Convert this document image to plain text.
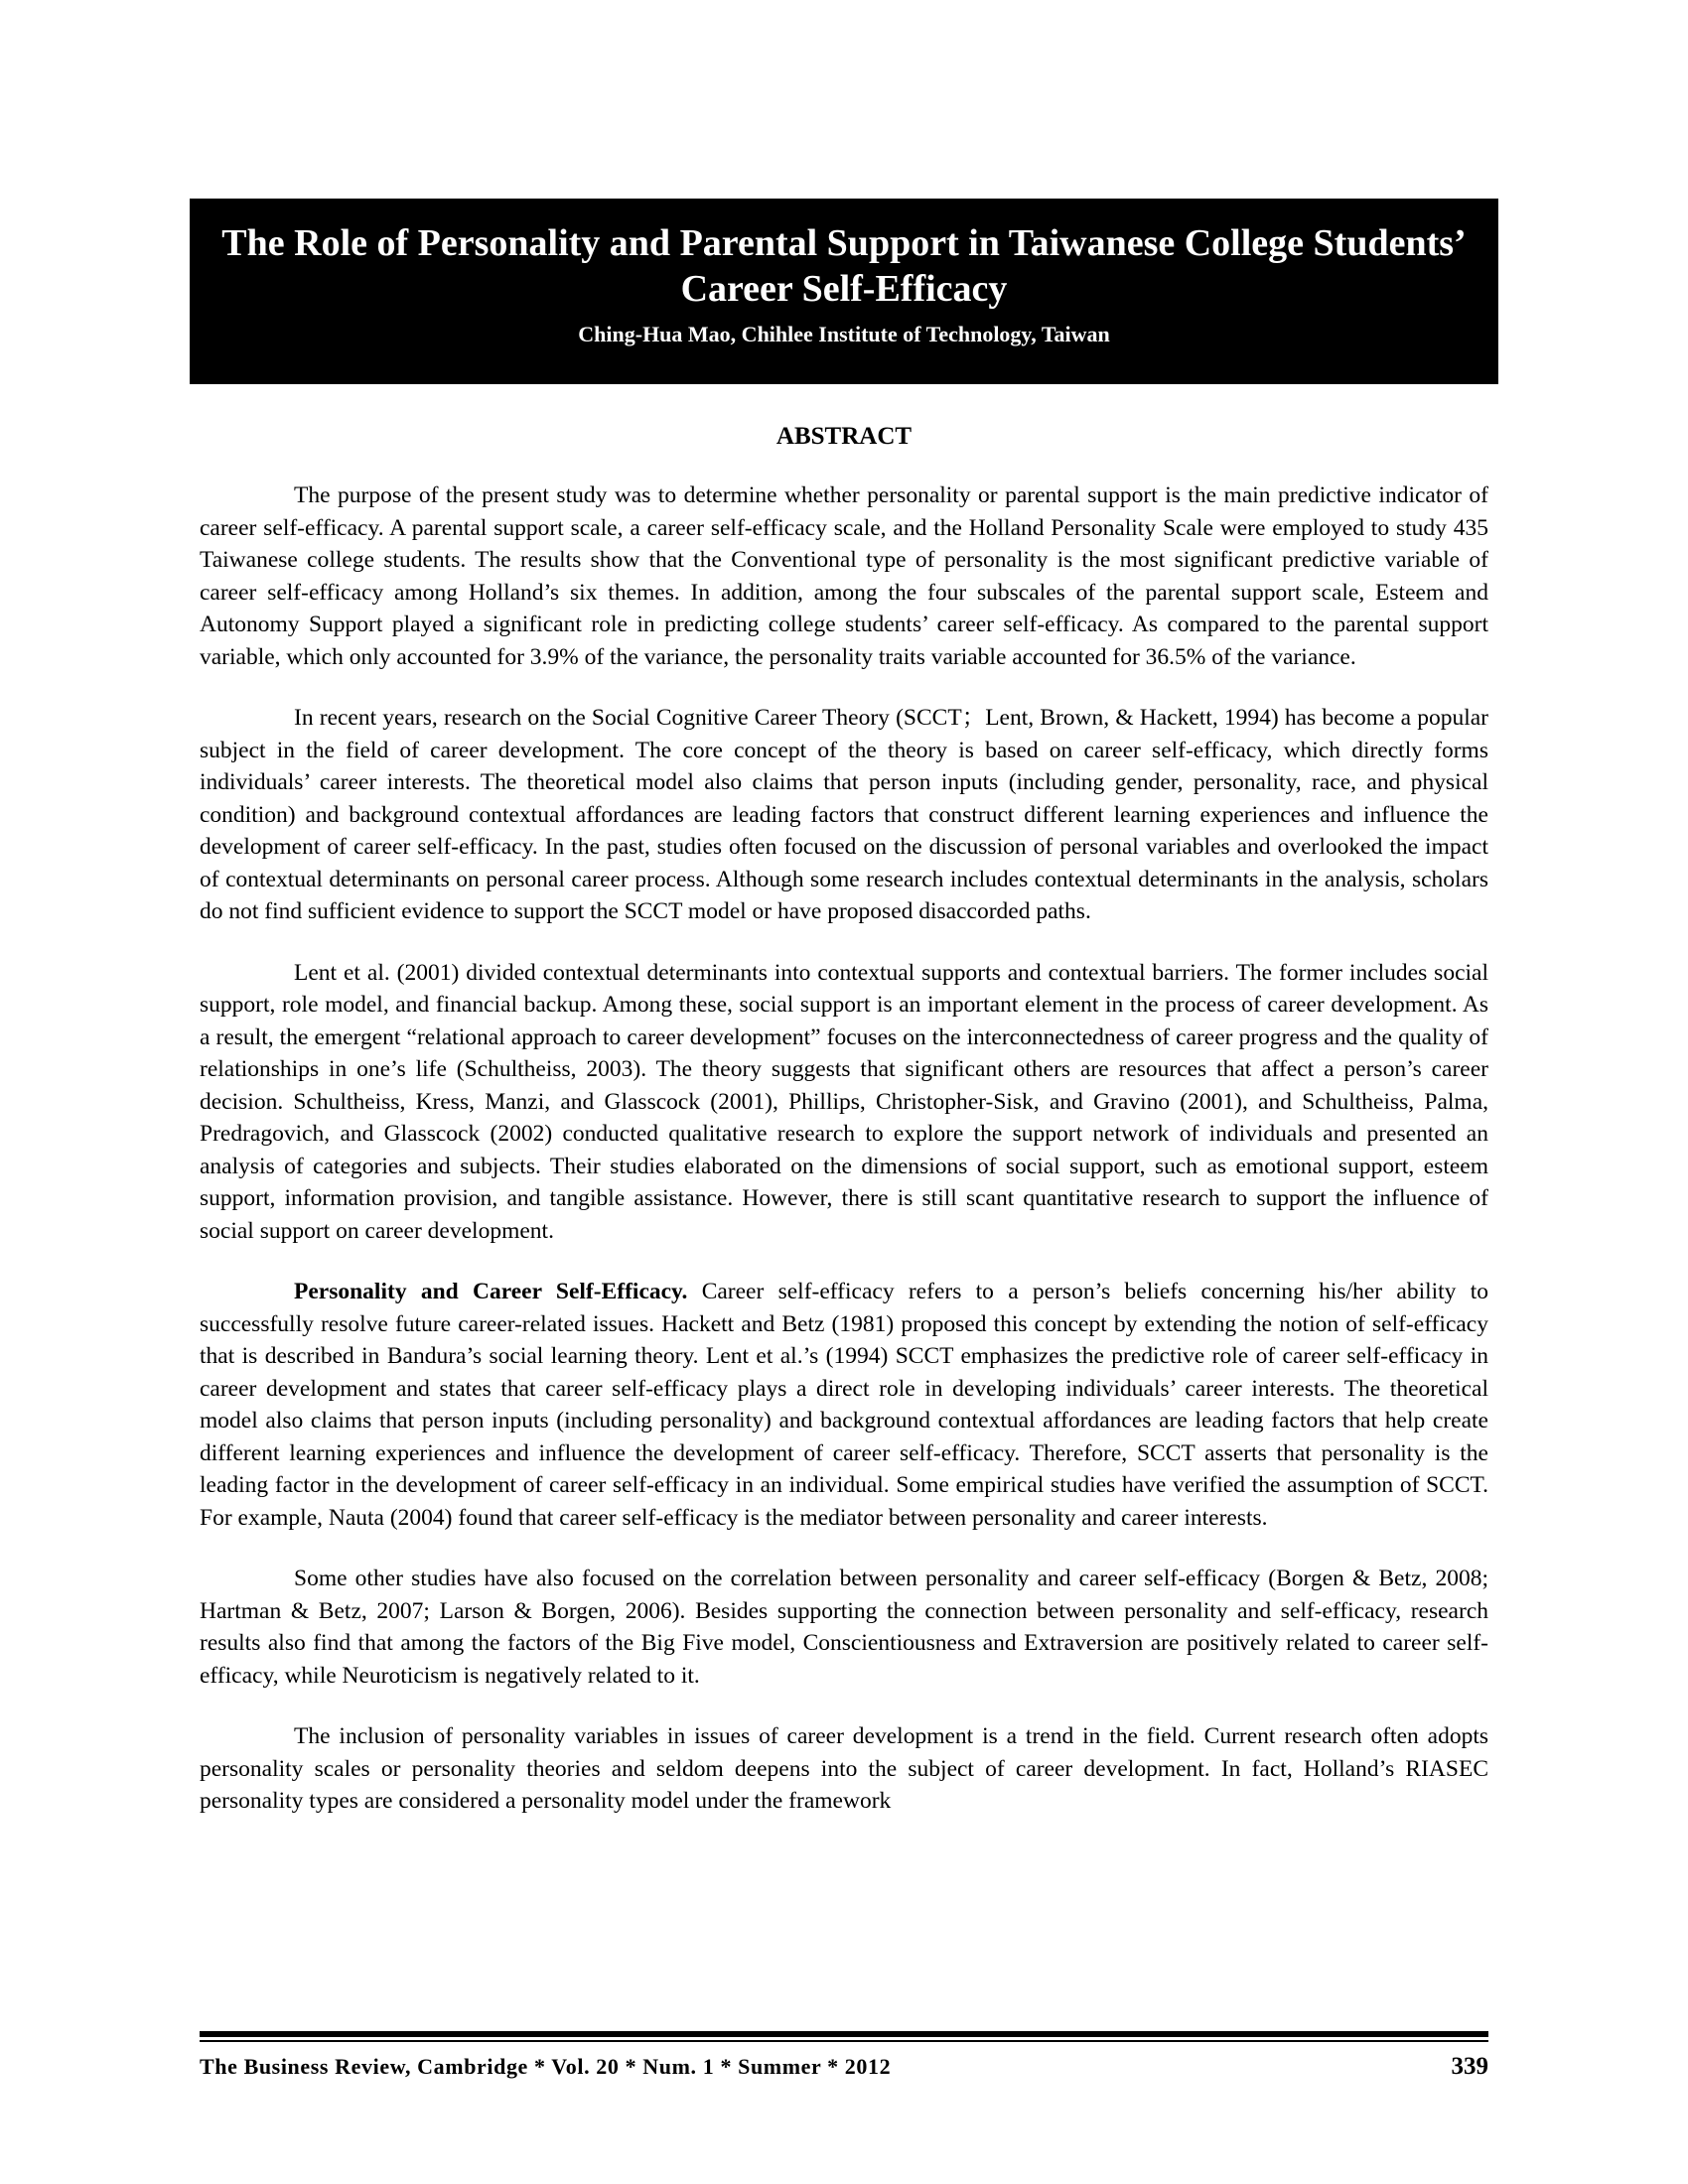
The Role of Personality and Parental Support in Taiwanese College Students’ Career Self-Efficacy
Ching-Hua Mao, Chihlee Institute of Technology, Taiwan
ABSTRACT

The purpose of the present study was to determine whether personality or parental support is the main predictive indicator of career self-efficacy. A parental support scale, a career self-efficacy scale, and the Holland Personality Scale were employed to study 435 Taiwanese college students. The results show that the Conventional type of personality is the most significant predictive variable of career self-efficacy among Holland’s six themes. In addition, among the four subscales of the parental support scale, Esteem and Autonomy Support played a significant role in predicting college students’ career self-efficacy. As compared to the parental support variable, which only accounted for 3.9% of the variance, the personality traits variable accounted for 36.5% of the variance.

In recent years, research on the Social Cognitive Career Theory (SCCT；Lent, Brown, & Hackett, 1994) has become a popular subject in the field of career development. The core concept of the theory is based on career self-efficacy, which directly forms individuals’ career interests. The theoretical model also claims that person inputs (including gender, personality, race, and physical condition) and background contextual affordances are leading factors that construct different learning experiences and influence the development of career self-efficacy. In the past, studies often focused on the discussion of personal variables and overlooked the impact of contextual determinants on personal career process. Although some research includes contextual determinants in the analysis, scholars do not find sufficient evidence to support the SCCT model or have proposed disaccorded paths.

Lent et al. (2001) divided contextual determinants into contextual supports and contextual barriers. The former includes social support, role model, and financial backup. Among these, social support is an important element in the process of career development. As a result, the emergent “relational approach to career development” focuses on the interconnectedness of career progress and the quality of relationships in one’s life (Schultheiss, 2003). The theory suggests that significant others are resources that affect a person’s career decision. Schultheiss, Kress, Manzi, and Glasscock (2001), Phillips, Christopher-Sisk, and Gravino (2001), and Schultheiss, Palma, Predragovich, and Glasscock (2002) conducted qualitative research to explore the support network of individuals and presented an analysis of categories and subjects. Their studies elaborated on the dimensions of social support, such as emotional support, esteem support, information provision, and tangible assistance. However, there is still scant quantitative research to support the influence of social support on career development.

Personality and Career Self-Efficacy. Career self-efficacy refers to a person’s beliefs concerning his/her ability to successfully resolve future career-related issues. Hackett and Betz (1981) proposed this concept by extending the notion of self-efficacy that is described in Bandura’s social learning theory. Lent et al.’s (1994) SCCT emphasizes the predictive role of career self-efficacy in career development and states that career self-efficacy plays a direct role in developing individuals’ career interests. The theoretical model also claims that person inputs (including personality) and background contextual affordances are leading factors that help create different learning experiences and influence the development of career self-efficacy. Therefore, SCCT asserts that personality is the leading factor in the development of career self-efficacy in an individual. Some empirical studies have verified the assumption of SCCT. For example, Nauta (2004) found that career self-efficacy is the mediator between personality and career interests.

Some other studies have also focused on the correlation between personality and career self-efficacy (Borgen & Betz, 2008; Hartman & Betz, 2007; Larson & Borgen, 2006). Besides supporting the connection between personality and self-efficacy, research results also find that among the factors of the Big Five model, Conscientiousness and Extraversion are positively related to career self-efficacy, while Neuroticism is negatively related to it.

The inclusion of personality variables in issues of career development is a trend in the field. Current research often adopts personality scales or personality theories and seldom deepens into the subject of career development. In fact, Holland’s RIASEC personality types are considered a personality model under the framework

The Business Review, Cambridge * Vol. 20 * Num. 1 * Summer * 2012	339
